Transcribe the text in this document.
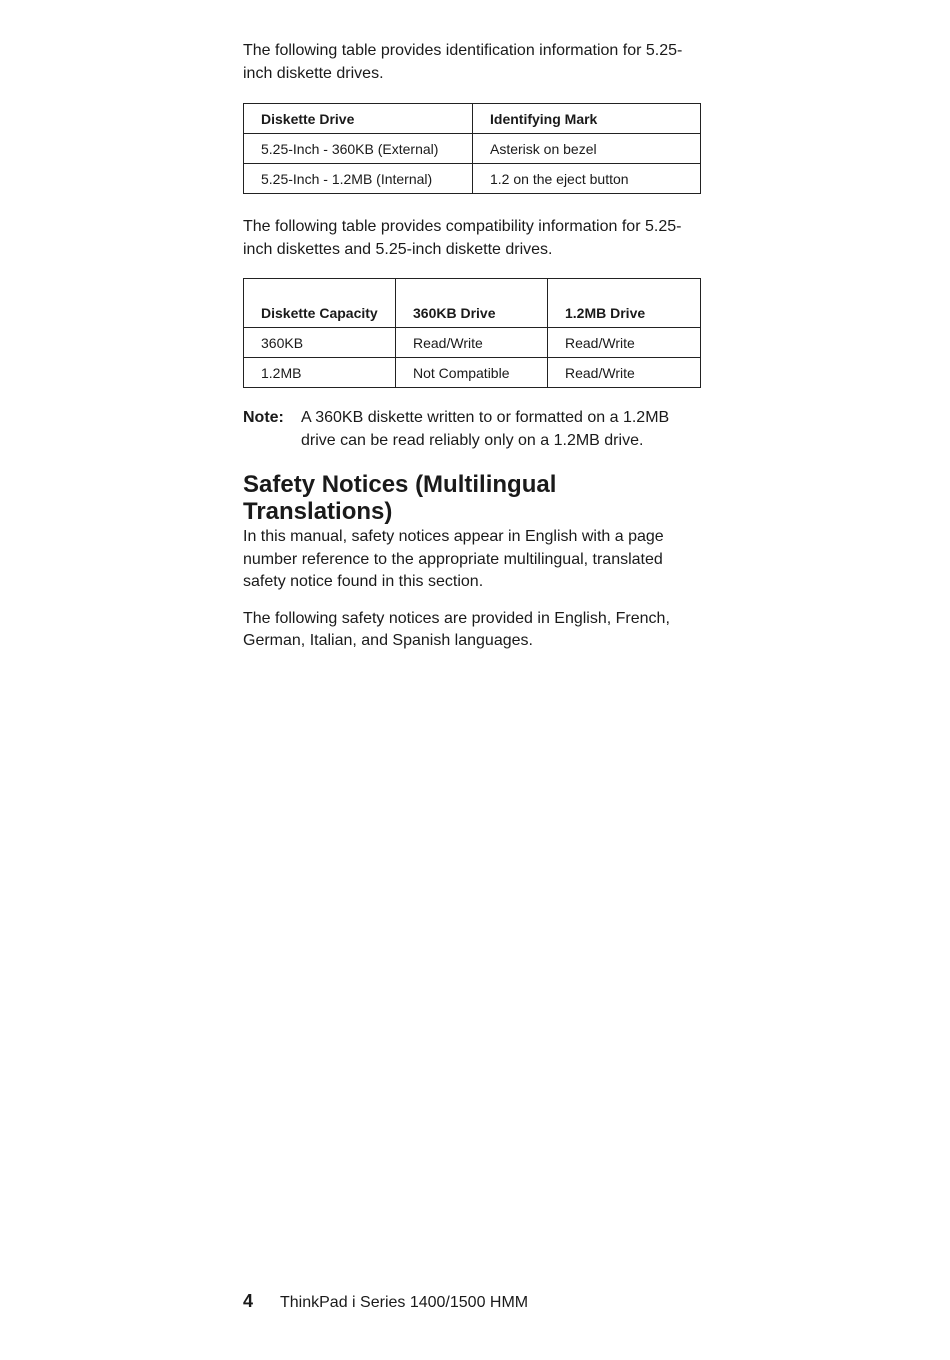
The following table provides identification information for 5.25-inch diskette drives.

Diskette Drive	Identifying Mark
5.25-Inch - 360KB (External)	Asterisk on bezel
5.25-Inch - 1.2MB (Internal)	1.2 on the eject button

The following table provides compatibility information for 5.25-inch diskettes and 5.25-inch diskette drives.

Diskette Capacity	360KB Drive	1.2MB Drive
360KB	Read/Write	Read/Write
1.2MB	Not Compatible	Read/Write
Note:	A 360KB diskette written to or formatted on a 1.2MB drive can be read reliably only on a 1.2MB drive.
Safety Notices (Multilingual Translations)

In this manual, safety notices appear in English with a page number reference to the appropriate multilingual, translated safety notice found in this section.

The following safety notices are provided in English, French, German, Italian, and Spanish languages.

4	ThinkPad i Series 1400/1500 HMM
